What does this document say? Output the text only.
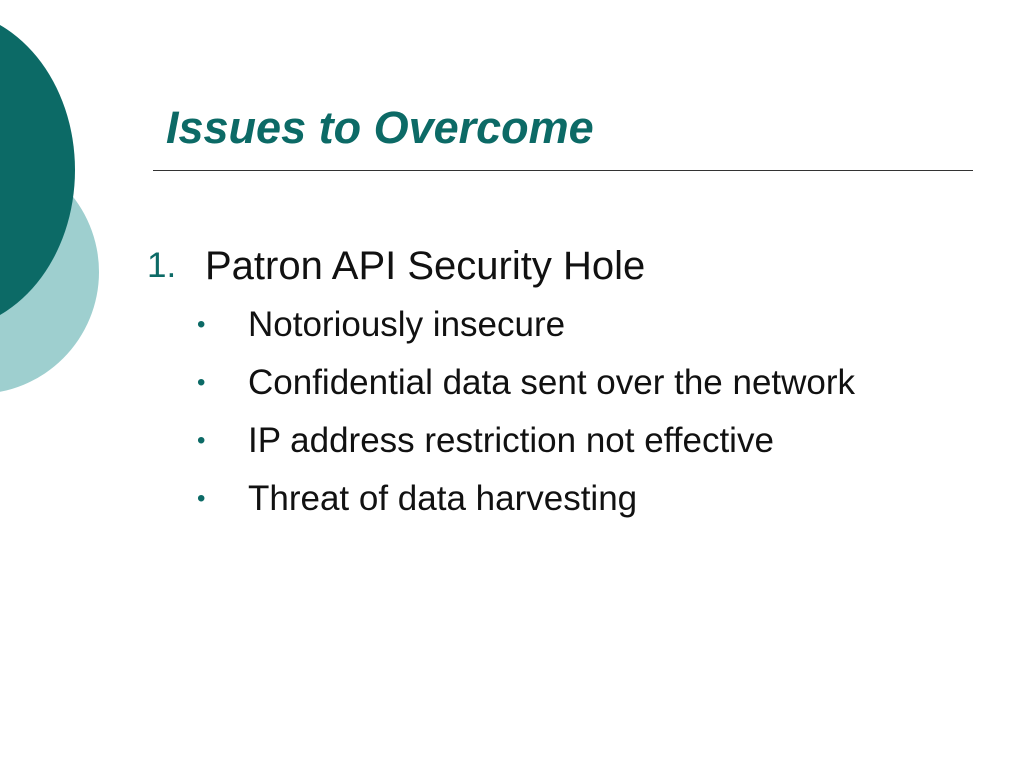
Issues to Overcome
1. Patron API Security Hole
• Notoriously insecure
• Confidential data sent over the network
• IP address restriction not effective
• Threat of data harvesting
